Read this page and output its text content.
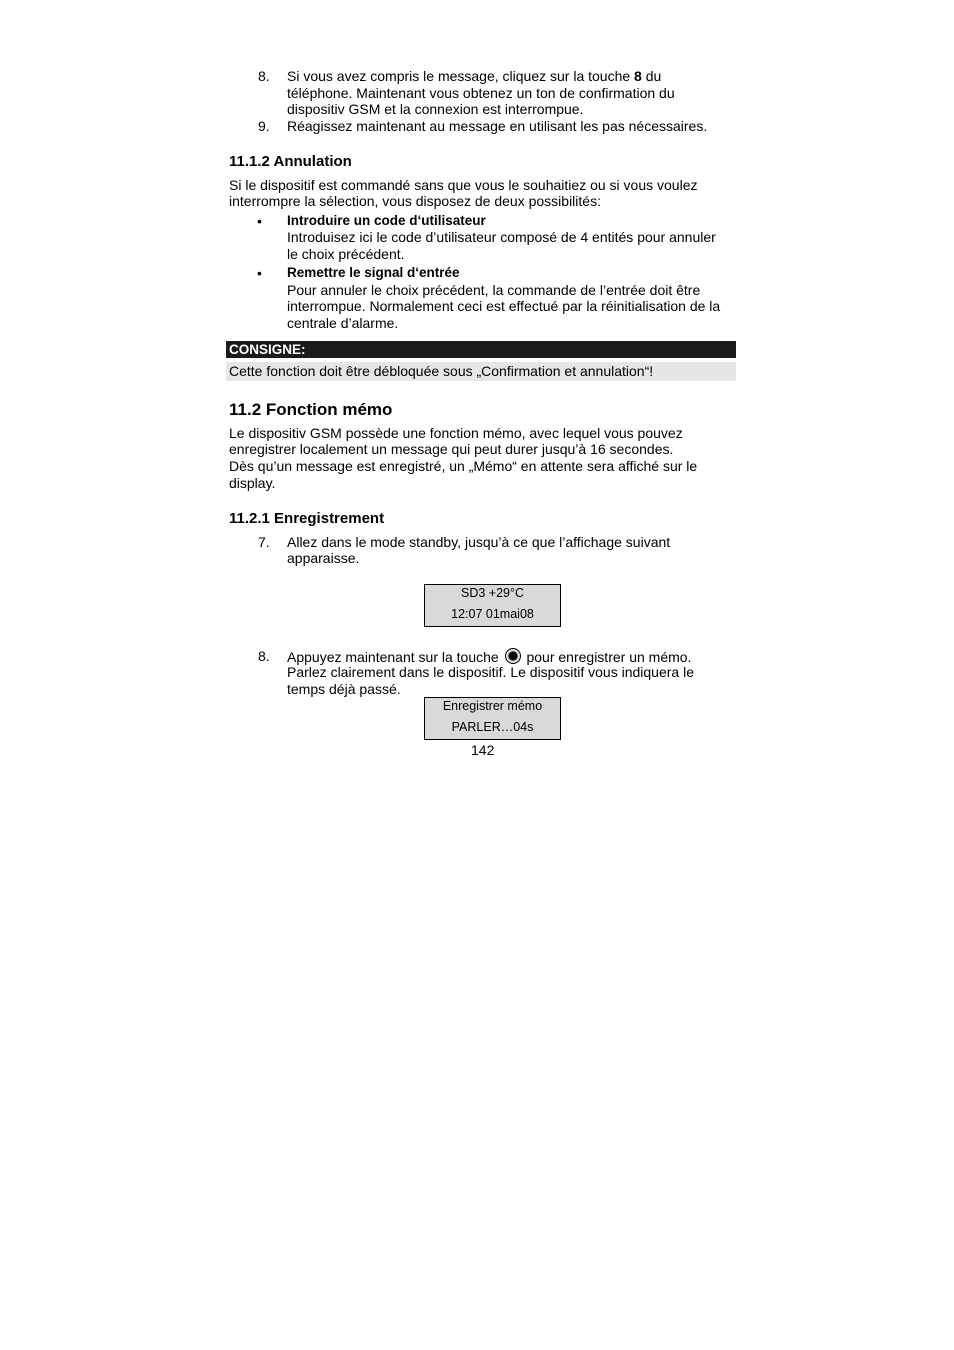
8. Si vous avez compris le message, cliquez sur la touche 8 du
téléphone. Maintenant vous obtenez un ton de confirmation du
dispositiv GSM et la connexion est interrompue.
9. Réagissez maintenant au message en utilisant les pas nécessaires.
11.1.2 Annulation
Si le dispositif est commandé sans que vous le souhaitiez ou si vous voulez
interrompre la sélection, vous disposez de deux possibilités:
• Introduire un code d‘utilisateur
Introduisez ici le code d’utilisateur composé de 4 entités pour annuler
le choix précédent.
• Remettre le signal d‘entrée
Pour annuler le choix précédent, la commande de l’entrée doit être
interrompue. Normalement ceci est effectué par la réinitialisation de la
centrale d’alarme.
CONSIGNE:
Cette fonction doit être débloquée sous „Confirmation et annulation“!
11.2 Fonction mémo
Le dispositiv GSM possède une fonction mémo, avec lequel vous pouvez
enregistrer localement un message qui peut durer jusqu’à 16 secondes.
Dès qu’un message est enregistré, un „Mémo“ en attente sera affiché sur le
display.
11.2.1 Enregistrement
7. Allez dans le mode standby, jusqu’à ce que l’affichage suivant
apparaisse.
SD3 +29°C
12:07 01mai08
8. Appuyez maintenant sur la touche pour enregistrer un mémo.
Parlez clairement dans le dispositif. Le dispositif vous indiquera le
temps déjà passé.
Enregistrer mémo
PARLER…04s
142
